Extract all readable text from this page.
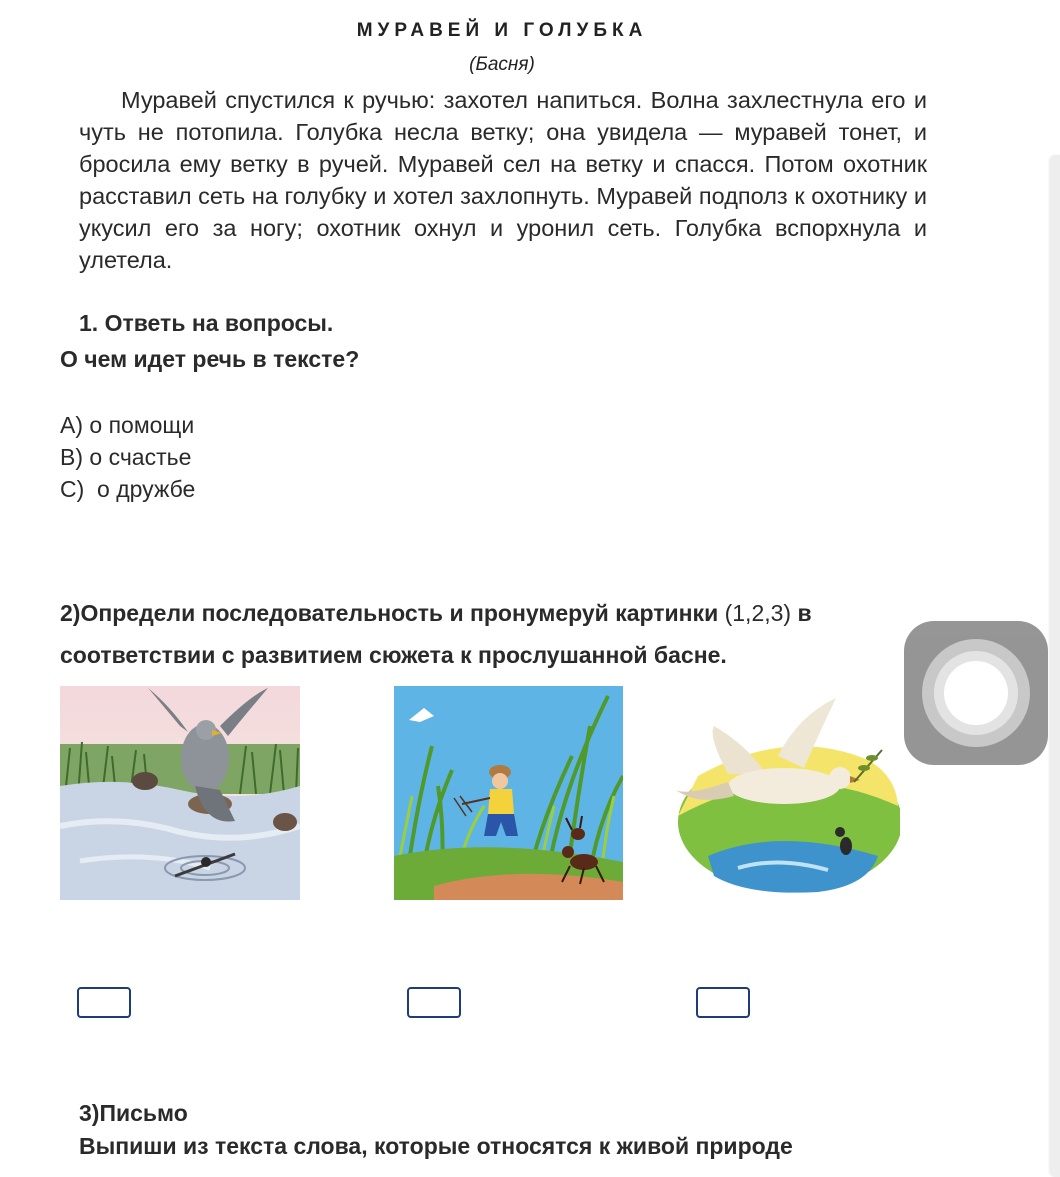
МУРАВЕЙ И ГОЛУБКА
(Басня)

Муравей спустился к ручью: захотел напиться. Волна захлестнула его и чуть не потопила. Голубка несла ветку; она увидела — муравей тонет, и бросила ему ветку в ручей. Муравей сел на ветку и спасся. Потом охотник расставил сеть на голубку и хотел захлопнуть. Муравей подполз к охотнику и укусил его за ногу; охотник охнул и уронил сеть. Голубка вспорхнула и улетела.

1. Ответь на вопросы.
О чем идет речь в тексте?
А) о помощи
В) о счастье
С)  о дружбе
2)Определи последовательность и пронумеруй картинки (1,2,3) в соответствии с развитием сюжета к прослушанной басне.
3)Письмо
Выпиши из текста слова, которые относятся к живой природе
